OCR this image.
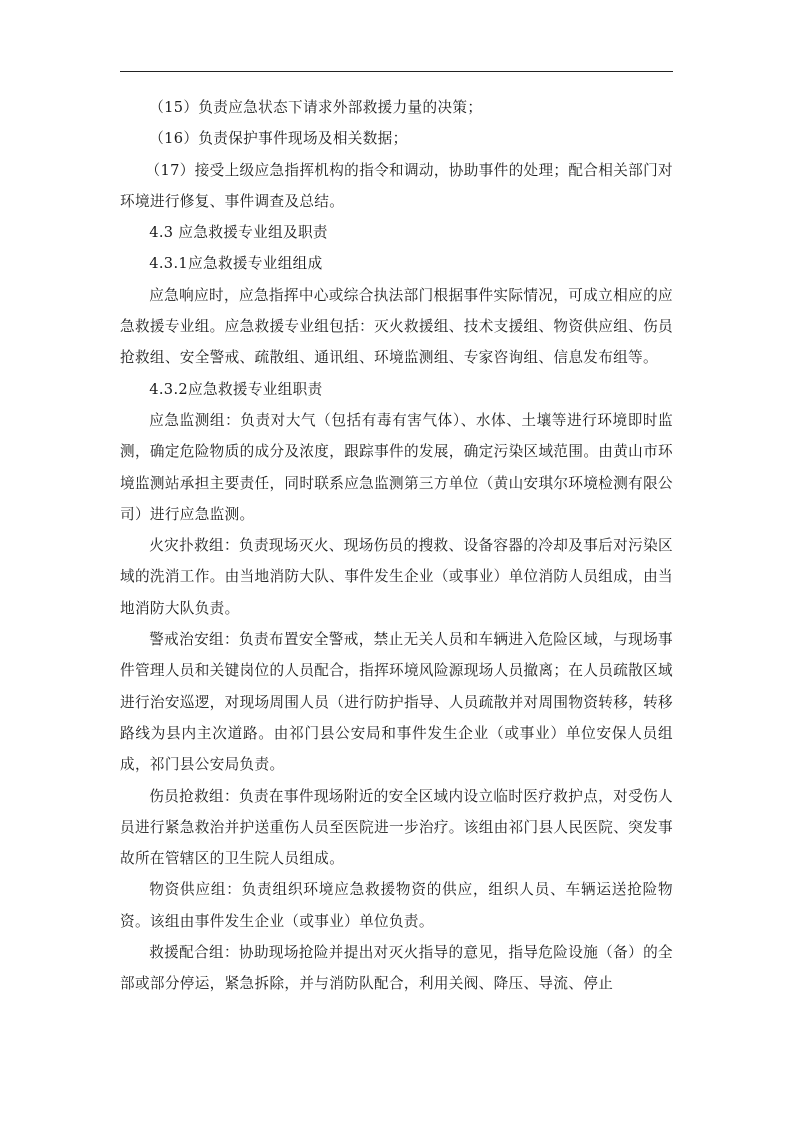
（15）负责应急状态下请求外部救援力量的决策；

（16）负责保护事件现场及相关数据；

（17）接受上级应急指挥机构的指令和调动，协助事件的处理；配合相关部门对环境进行修复、事件调查及总结。

4.3 应急救援专业组及职责

4.3.1应急救援专业组组成

应急响应时，应急指挥中心或综合执法部门根据事件实际情况，可成立相应的应急救援专业组。应急救援专业组包括：灭火救援组、技术支援组、物资供应组、伤员抢救组、安全警戒、疏散组、通讯组、环境监测组、专家咨询组、信息发布组等。

4.3.2应急救援专业组职责

应急监测组：负责对大气（包括有毒有害气体）、水体、土壤等进行环境即时监测，确定危险物质的成分及浓度，跟踪事件的发展，确定污染区域范围。由黄山市环境监测站承担主要责任，同时联系应急监测第三方单位（黄山安琪尔环境检测有限公司）进行应急监测。

火灾扑救组：负责现场灭火、现场伤员的搜救、设备容器的冷却及事后对污染区域的洗消工作。由当地消防大队、事件发生企业（或事业）单位消防人员组成，由当地消防大队负责。

警戒治安组：负责布置安全警戒，禁止无关人员和车辆进入危险区域，与现场事件管理人员和关键岗位的人员配合，指挥环境风险源现场人员撤离；在人员疏散区域进行治安巡逻，对现场周围人员（进行防护指导、人员疏散并对周围物资转移，转移路线为县内主次道路。由祁门县公安局和事件发生企业（或事业）单位安保人员组成，祁门县公安局负责。

伤员抢救组：负责在事件现场附近的安全区域内设立临时医疗救护点，对受伤人员进行紧急救治并护送重伤人员至医院进一步治疗。该组由祁门县人民医院、突发事故所在管辖区的卫生院人员组成。

物资供应组：负责组织环境应急救援物资的供应，组织人员、车辆运送抢险物资。该组由事件发生企业（或事业）单位负责。

救援配合组：协助现场抢险并提出对灭火指导的意见，指导危险设施（备）的全部或部分停运，紧急拆除，并与消防队配合，利用关阀、降压、导流、停止
